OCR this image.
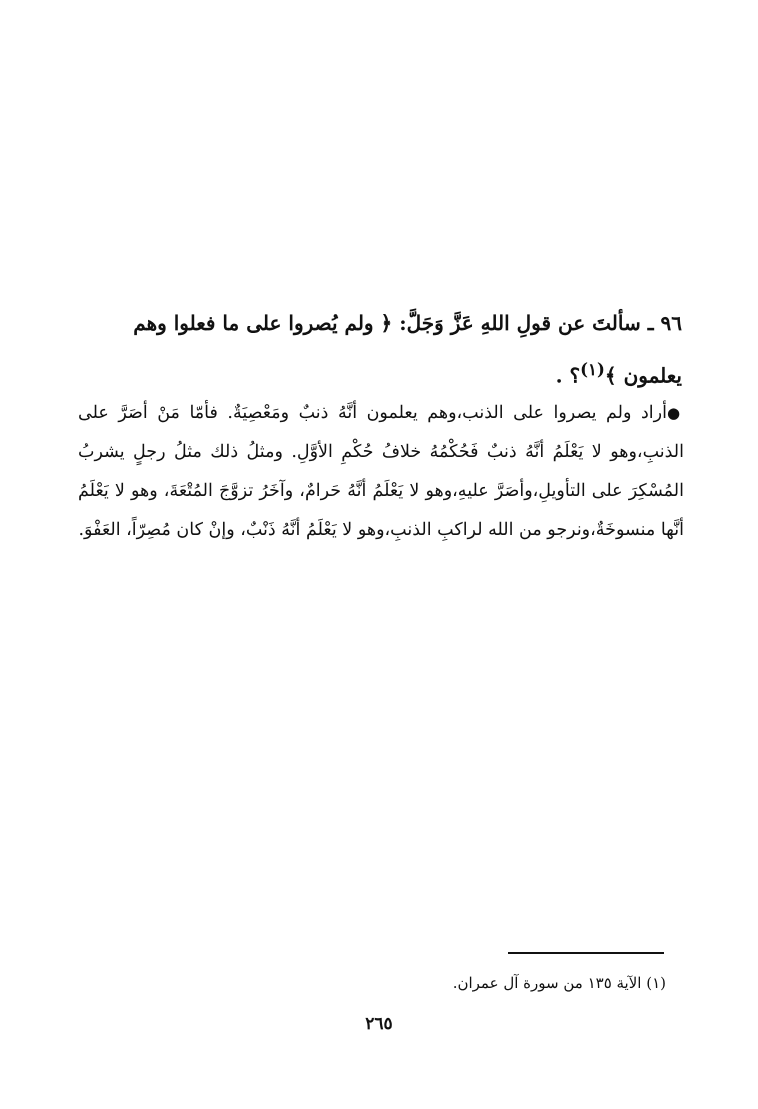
٩٦ ـ سألتَ عن قولِ اللهِ عَزَّ وَجَلَّ: ﴿ ولم يُصروا على ما فعلوا وهم يعلمون ﴾$^{(١)}$؟ .
●أراد ولم يصروا على الذنب،وهم يعلمون أنَّهُ ذنبٌ ومَعْصِيَةٌ. فأمّا مَنْ أصَرَّ على الذنبِ،وهو لا يَعْلَمُ أنَّهُ ذنبٌ فَحُكْمُهُ خلافُ حُكْمِ الأوَّلِ. ومثلُ ذلك مثلُ رجلٍ يشربُ المُسْكِرَ على التأويلِ،وأصَرَّ عليهِ،وهو لا يَعْلَمُ أنَّهُ حَرامٌ، وآخَرُ تزوَّجَ المُتْعَةَ، وهو لا يَعْلَمُ أنَّها منسوخَةٌ،ونرجو من الله لراكبِ الذنبِ،وهو لا يَعْلَمُ أنَّهُ ذَنْبٌ، وإنْ كان مُصِرّاً، العَفْوَ.
(١) الآية ١٣٥ من سورة آل عمران.
٢٦٥
